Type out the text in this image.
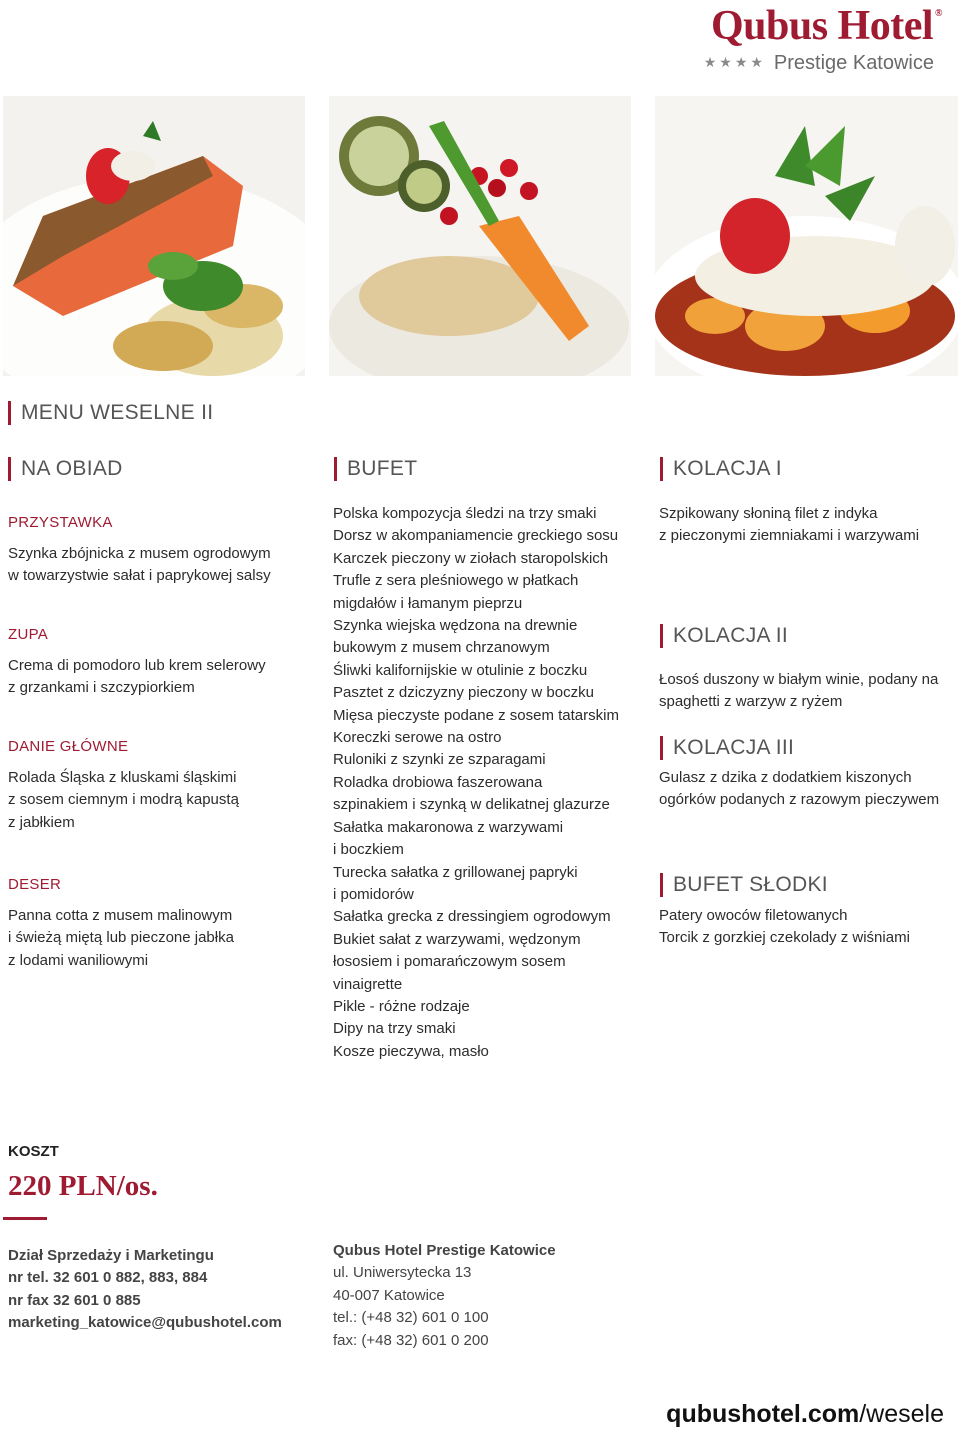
Qubus Hotel ®
★★★★ Prestige Katowice
MENU WESELNE II
NA OBIAD
PRZYSTAWKA
Szynka zbójnicka z musem ogrodowym
w towarzystwie sałat i paprykowej salsy
ZUPA
Crema di pomodoro lub krem selerowy
z grzankami i szczypiorkiem
DANIE GŁÓWNE
Rolada Śląska z kluskami śląskimi
z sosem ciemnym i modrą kapustą
z jabłkiem
DESER
Panna cotta z musem malinowym
i świeżą miętą lub pieczone jabłka
z lodami waniliowymi
BUFET
Polska kompozycja śledzi na trzy smaki
Dorsz w akompaniamencie greckiego sosu
Karczek pieczony w ziołach staropolskich
Trufle z sera pleśniowego w płatkach
migdałów i łamanym pieprzu
Szynka wiejska wędzona na drewnie
bukowym z musem chrzanowym
Śliwki kalifornijskie w otulinie z boczku
Pasztet z dziczyzny pieczony w boczku
Mięsa pieczyste podane z sosem tatarskim
Koreczki serowe na ostro
Ruloniki z szynki ze szparagami
Roladka drobiowa faszerowana
szpinakiem i szynką w delikatnej glazurze
Sałatka makaronowa z warzywami
i boczkiem
Turecka sałatka z grillowanej papryki
i pomidorów
Sałatka grecka z dressingiem ogrodowym
Bukiet sałat z warzywami, wędzonym
łososiem i pomarańczowym sosem
vinaigrette
Pikle - różne rodzaje
Dipy na trzy smaki
Kosze pieczywa, masło
KOLACJA I
Szpikowany słoniną filet z indyka
z pieczonymi ziemniakami i warzywami
KOLACJA II
Łosoś duszony w białym winie, podany na
spaghetti z warzyw z ryżem
KOLACJA III
Gulasz z dzika z dodatkiem kiszonych
ogórków podanych z razowym pieczywem
BUFET SŁODKI
Patery owoców filetowanych
Torcik z gorzkiej czekolady z wiśniami
KOSZT
220 PLN/os.
Dział Sprzedaży i Marketingu
nr tel. 32 601 0 882, 883, 884
nr fax 32 601 0 885
marketing_katowice@qubushotel.com
Qubus Hotel Prestige Katowice
ul. Uniwersytecka 13
40-007 Katowice
tel.: (+48 32) 601 0 100
fax: (+48 32) 601 0 200
qubushotel.com/wesele
